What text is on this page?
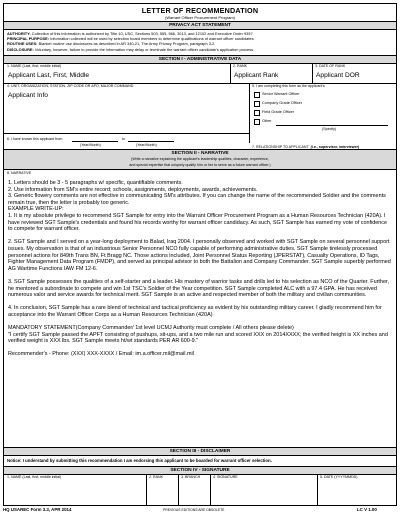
LETTER OF RECOMMENDATION
(Warrant Officer Procurement Program)
PRIVACY ACT STATEMENT
AUTHORITY: Collection of this information is authorized by Title 10, USC, Sections 503, 555, 566, 3013, and 12102 and Executive Order 9397.
PRINCIPAL PURPOSE: Information collected will be used by selection board members to determine qualifications of warrant officer candidates.
ROUTINE USES: Blanket routine use disclosures as described in AR 340-21, The Army Privacy Program, paragraph 3-2.
DISCLOSURE: Voluntary, however, failure to provide the information may delay or terminate the warrant officer candidate's application process.
SECTION I - ADMINISTRATIVE DATA
1. NAME (Last, first, middle initial)
Applicant Last, First, Middle
2. RANK
Applicant Rank
3. DATE OF RANK
Applicant DOR
4. UNIT, ORGANIZATION, STATION, ZIP CODE OR APO, MAJOR COMMAND
Applicant Info
5. I am completing this form as the applicant's
Senior Warrant Officer
Company Grade Officer
Field Grade Officer
Other
(Specify)
6. I have known this applicant from	to
(Year/Month)	(Year/Month)	7. RELATIONSHIP TO APPLICANT (i.e., supervisor, interviewer)
SECTION II - NARRATIVE
(Write a narrative explaining the applicant's leadership qualities, character, experience,
and special expertise that uniquely qualify him or her to serve as a future warrant officer.)
8. NARRATIVE
1. Letters should be 3 - 5 paragraphs w/ specific, quantifiable comments.
2. Use information from SM's entire record; schools, assignments, deployments, awards, achievements.
3. Generic flowery comments are not effective in communicating SM's attributes. If you can change the name of the recommended Soldier and the comments remain true, then the letter is probably too generic.
EXAMPLE WRITE-UP:

1. It is my absolute privilege to recommend SGT Sample for entry into the Warrant Officer Procurement Program as a Human Resources Technician (420A). I have reviewed SGT Sample's credentials and found his records worthy for warrant officer candidacy. As such, SGT Sample has earned my vote of confidence to compete for warrant officer.

2. SGT Sample and I served on a year-long deployment to Balad, Iraq 2004. I personally observed and worked with SGT Sample on several personnel support issues. My observation is that of an industrious Senior Personnel NCO fully capable of performing administrative duties. SGT Sample tirelessly processed personnel actions for 849th Trans BN, Ft Bragg NC. Those actions included, Joint Personnel Status Reporting (JPERSTAT), Casualty Operations, ID Tags, Fighter Management Data Program (FMDP), and served as principal advisor to both the Battalion and Company Commander. SGT Sample superbly performed AG Wartime Functions IAW FM 12-6.

3. SGT Sample possesses the qualities of a self-starter and a leader. His mastery of warrior tasks and drills led to his selection as NCO of the Quarter. Further, he mentored a subordinate to compete and win 1st TSC's Soldier of the Year competition. SGT Sample completed ALC with a 97.4 GPA. He has received numerous valor and service awards for technical merit. SGT Sample is an active and respected member of both the military and civilian communities.

4. In conclusion, SGT Sample has a rare blend of technical and tactical proficiency as evident by his outstanding military career. I gladly recommend him for acceptance into the Warrant Officer Corps as a Human Resources Technician (420A)

MANDATORY STATEMENT(Company Commander/ 1st level UCMJ Authority must complete / All others please delete)

"I certify SGT Sample passed the APFT consisting of pushups, sit-ups, and a two mile run and scored XXX on 2014XXXX; the verified height is XX inches and verified weight is XXX lbs. SGT Sample meets ht/wt standards PER AR 600-9."

Recommender's - Phone: (XXX) XXX-XXXX / Email: im.a.officer.mil@mail.mil
SECTION III - DISCLAIMER
Notice: I understand by submitting this recommendation I am endorsing this applicant to be boarded for warrant officer selection.
SECTION IV - SIGNATURE
1. NAME (Last, first, middle initial)	2. RANK	3. BRANCH	4. SIGNATURE	5. DATE (YYYYMMDD)
HQ USAREC Form 3.3, APR 2014	PREVIOUS EDITIONS ARE OBSOLETE	LC V 1.00
